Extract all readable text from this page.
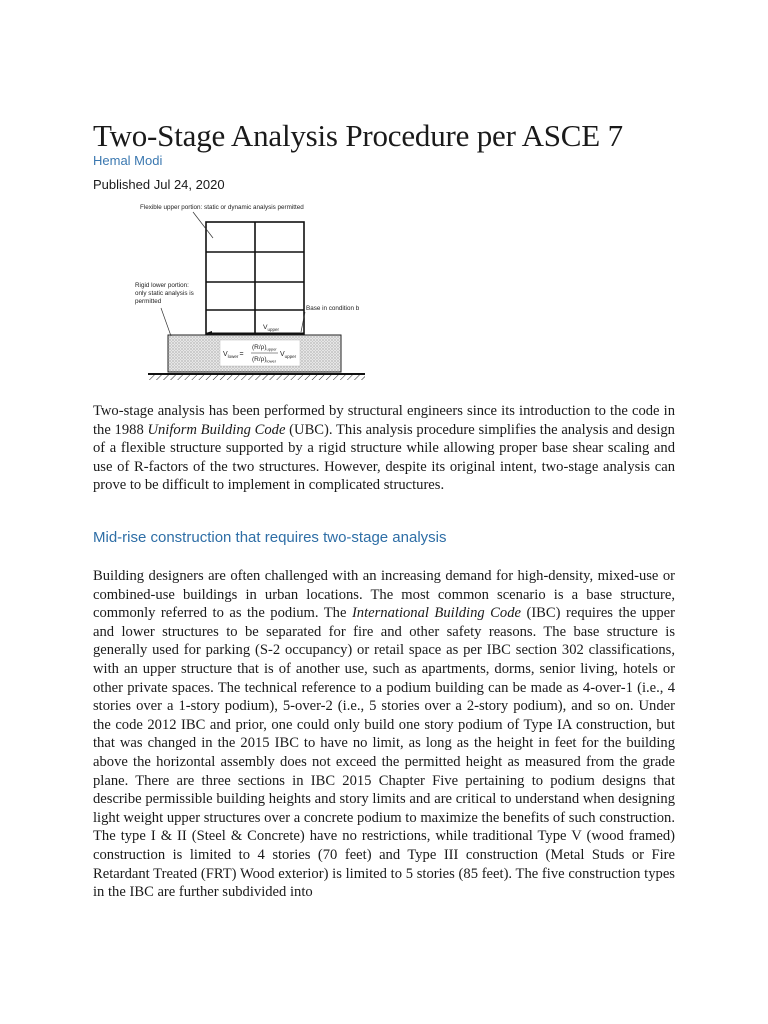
Two-Stage Analysis Procedure per ASCE 7
Hemal Modi
Published Jul 24, 2020
Flexible upper portion: static or dynamic analysis permitted
Rigid lower portion:
only static analysis is
permitted
Base in condition b
$V_{upper}$
$V_{lower}=$
$(R/\rho)_{upper}$
$(R/\rho)_{lower}$
$V_{upper}$

Two-stage analysis has been performed by structural engineers since its introduction to the code in the 1988 Uniform Building Code (UBC). This analysis procedure simplifies the analysis and design of a flexible structure supported by a rigid structure while allowing proper base shear scaling and use of R-factors of the two structures. However, despite its original intent, two-stage analysis can prove to be difficult to implement in complicated structures.

Mid-rise construction that requires two-stage analysis

Building designers are often challenged with an increasing demand for high-density, mixed-use or combined-use buildings in urban locations. The most common scenario is a base structure, commonly referred to as the podium. The International Building Code (IBC) requires the upper and lower structures to be separated for fire and other safety reasons. The base structure is generally used for parking (S-2 occupancy) or retail space as per IBC section 302 classifications, with an upper structure that is of another use, such as apartments, dorms, senior living, hotels or other private spaces. The technical reference to a podium building can be made as 4-over-1 (i.e., 4 stories over a 1-story podium), 5-over-2 (i.e., 5 stories over a 2-story podium), and so on. Under the code 2012 IBC and prior, one could only build one story podium of Type IA construction, but that was changed in the 2015 IBC to have no limit, as long as the height in feet for the building above the horizontal assembly does not exceed the permitted height as measured from the grade plane. There are three sections in IBC 2015 Chapter Five pertaining to podium designs that describe permissible building heights and story limits and are critical to understand when designing light weight upper structures over a concrete podium to maximize the benefits of such construction. The type I & II (Steel & Concrete) have no restrictions, while traditional Type V (wood framed) construction is limited to 4 stories (70 feet) and Type III construction (Metal Studs or Fire Retardant Treated (FRT) Wood exterior) is limited to 5 stories (85 feet). The five construction types in the IBC are further subdivided into
